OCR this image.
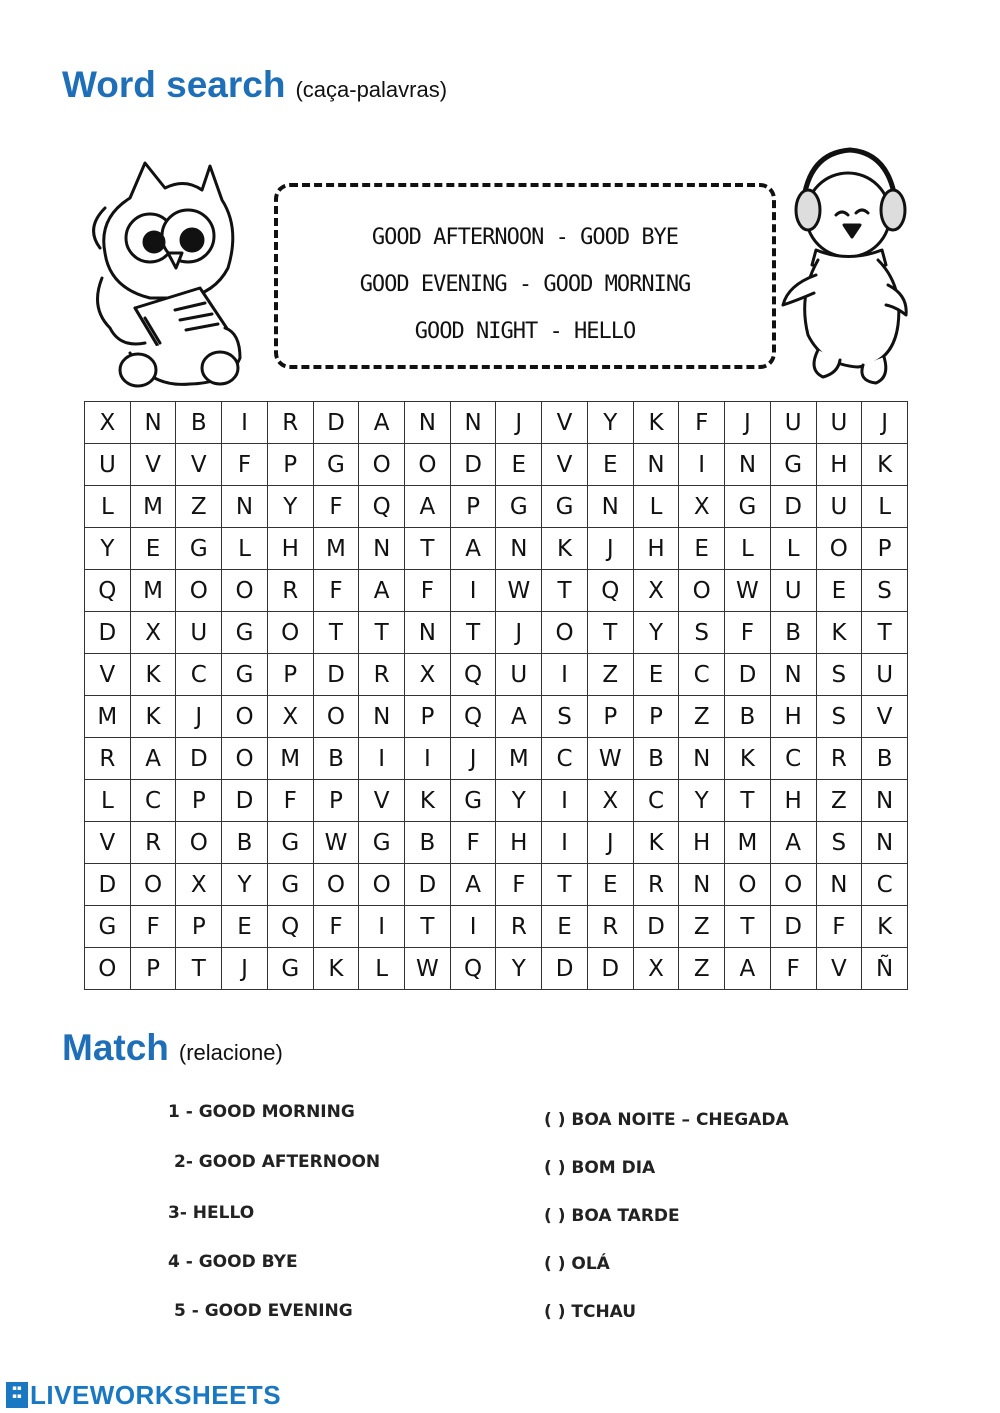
Word search (caça-palavras)
GOOD AFTERNOON - GOOD BYE
GOOD EVENING - GOOD MORNING
GOOD NIGHT - HELLO
X	N	B	I	R	D	A	N	N	J	V	Y	K	F	J	U	U	J
U	V	V	F	P	G	O	O	D	E	V	E	N	I	N	G	H	K
L	M	Z	N	Y	F	Q	A	P	G	G	N	L	X	G	D	U	L
Y	E	G	L	H	M	N	T	A	N	K	J	H	E	L	L	O	P
Q	M	O	O	R	F	A	F	I	W	T	Q	X	O	W	U	E	S
D	X	U	G	O	T	T	N	T	J	O	T	Y	S	F	B	K	T
V	K	C	G	P	D	R	X	Q	U	I	Z	E	C	D	N	S	U
M	K	J	O	X	O	N	P	Q	A	S	P	P	Z	B	H	S	V
R	A	D	O	M	B	I	I	J	M	C	W	B	N	K	C	R	B
L	C	P	D	F	P	V	K	G	Y	I	X	C	Y	T	H	Z	N
V	R	O	B	G	W	G	B	F	H	I	J	K	H	M	A	S	N
D	O	X	Y	G	O	O	D	A	F	T	E	R	N	O	O	N	C
G	F	P	E	Q	F	I	T	I	R	E	R	D	Z	T	D	F	K
O	P	T	J	G	K	L	W	Q	Y	D	D	X	Z	A	F	V	Ñ
Match (relacione)
1 - GOOD MORNING
2- GOOD AFTERNOON
3- HELLO
4 - GOOD BYE
5 - GOOD EVENING
( ) BOA NOITE – CHEGADA
( ) BOM DIA
( ) BOA TARDE
( ) OLÁ
( ) TCHAU
▪▪
▪▪ LIVEWORKSHEETS
